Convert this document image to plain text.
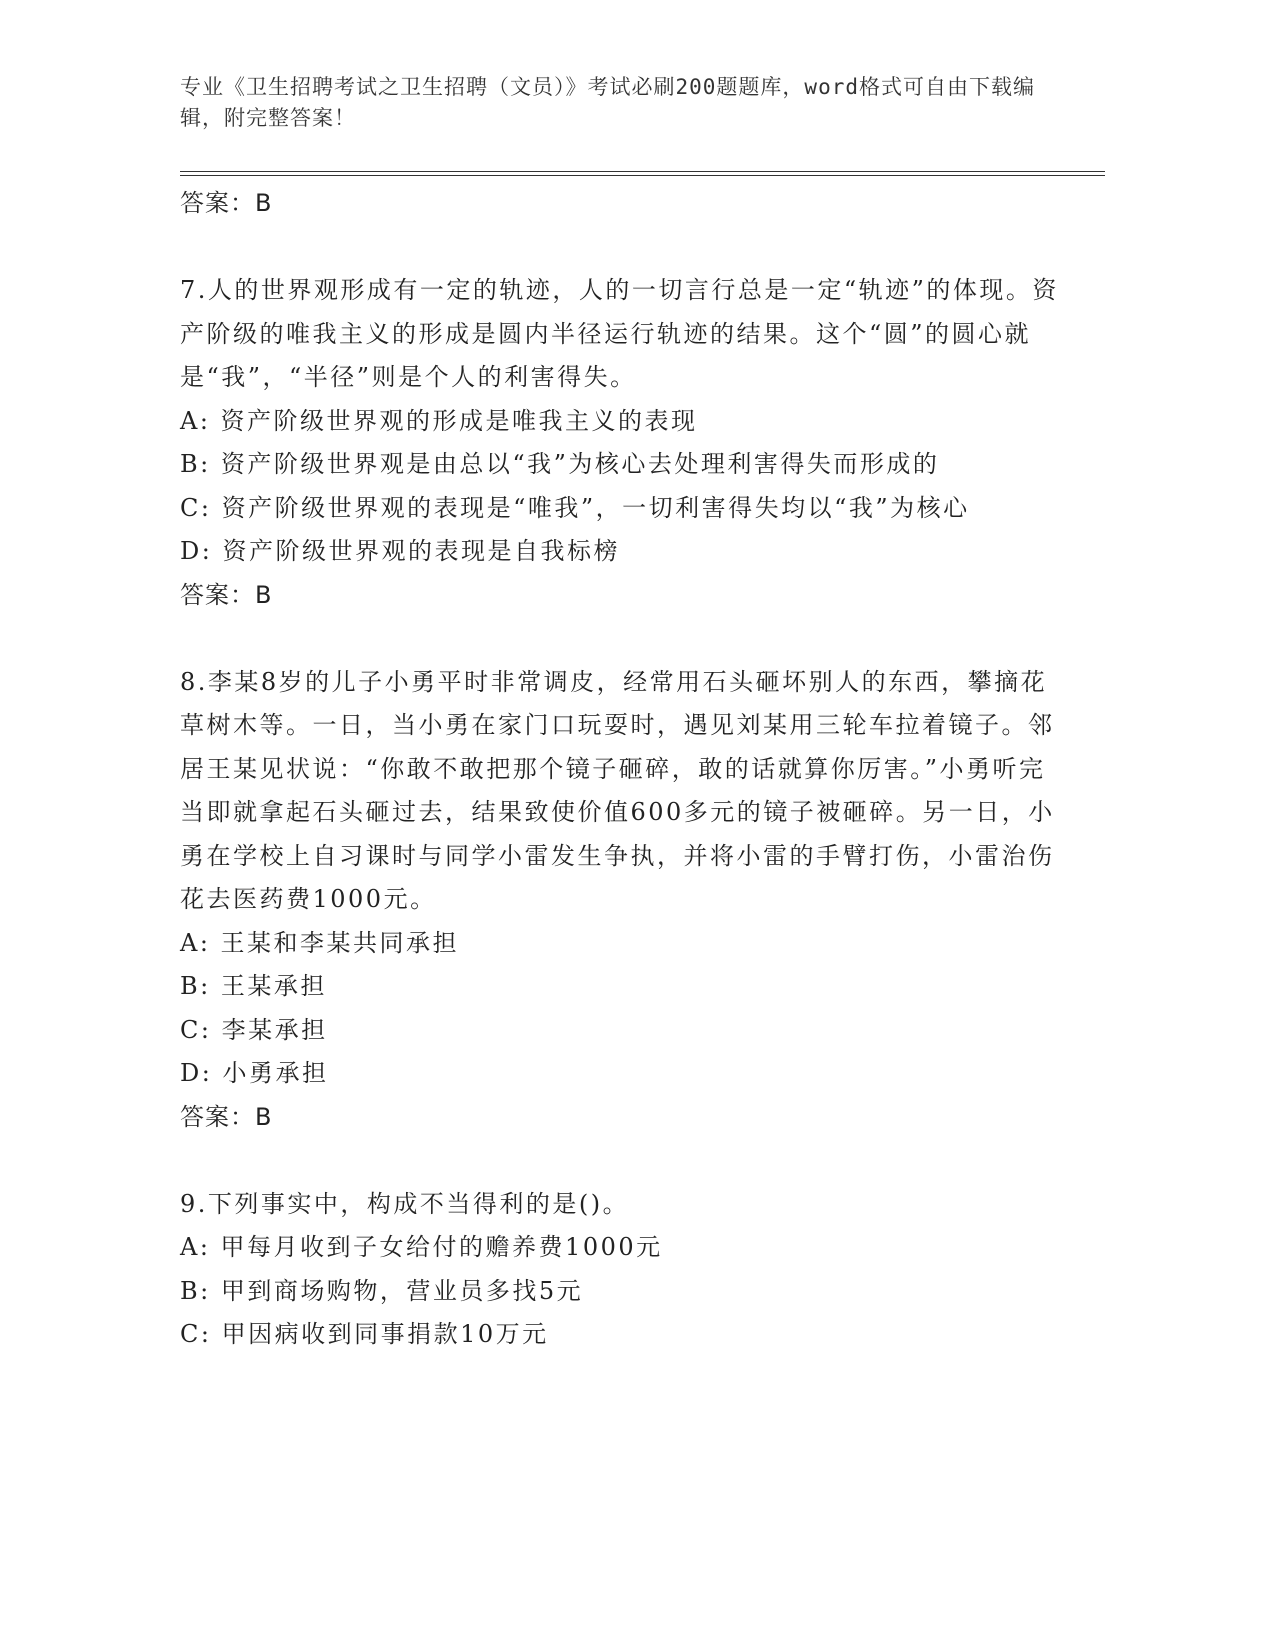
专业《卫生招聘考试之卫生招聘（文员）》考试必刷200题题库，word格式可自由下载编辑，附完整答案！
答案：B

7.人的世界观形成有一定的轨迹，人的一切言行总是一定“轨迹”的体现。资产阶级的唯我主义的形成是圆内半径运行轨迹的结果。这个“圆”的圆心就是“我”，“半径”则是个人的利害得失。

A: 资产阶级世界观的形成是唯我主义的表现

B: 资产阶级世界观是由总以“我”为核心去处理利害得失而形成的

C: 资产阶级世界观的表现是“唯我”，一切利害得失均以“我”为核心

D: 资产阶级世界观的表现是自我标榜

答案：B

8.李某8岁的儿子小勇平时非常调皮，经常用石头砸坏别人的东西，攀摘花草树木等。一日，当小勇在家门口玩耍时，遇见刘某用三轮车拉着镜子。邻居王某见状说：“你敢不敢把那个镜子砸碎，敢的话就算你厉害。”小勇听完当即就拿起石头砸过去，结果致使价值600多元的镜子被砸碎。另一日，小勇在学校上自习课时与同学小雷发生争执，并将小雷的手臂打伤，小雷治伤花去医药费1000元。

A: 王某和李某共同承担

B: 王某承担

C: 李某承担

D: 小勇承担

答案：B

9.下列事实中，构成不当得利的是()。

A: 甲每月收到子女给付的赡养费1000元

B: 甲到商场购物，营业员多找5元

C: 甲因病收到同事捐款10万元
